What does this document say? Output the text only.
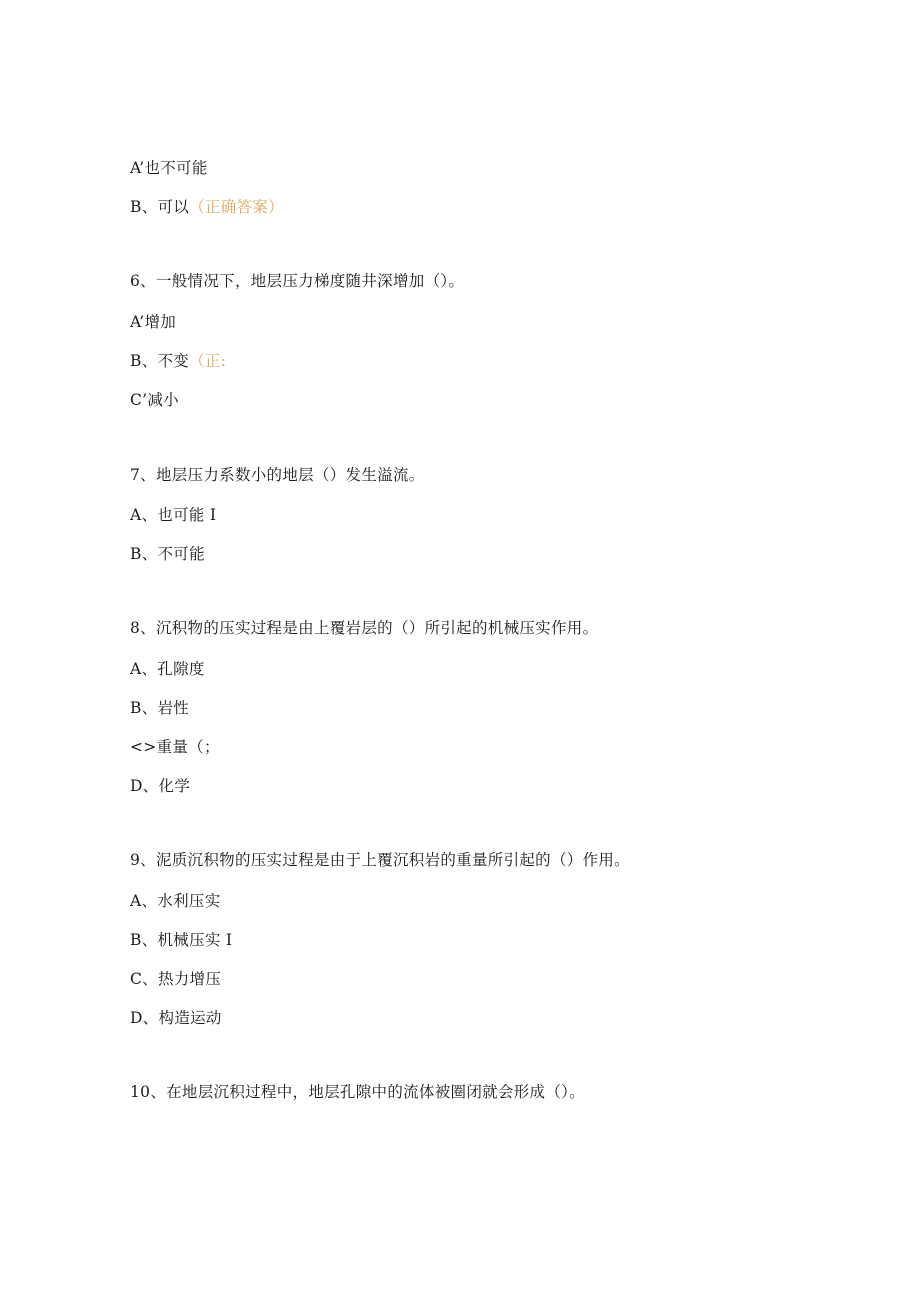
A’也不可能
B、可以（正确答案）
6、一般情况下，地层压力梯度随井深增加（）。
A’增加
B、不变（正:
C’减小
7、地层压力系数小的地层（）发生溢流。
A、也可能 I
B、不可能
8、沉积物的压实过程是由上覆岩层的（）所引起的机械压实作用。
A、孔隙度
B、岩性
<>重量（；
D、化学
9、泥质沉积物的压实过程是由于上覆沉积岩的重量所引起的（）作用。
A、水利压实
B、机械压实 I
C、热力增压
D、构造运动
10、在地层沉积过程中，地层孔隙中的流体被圈闭就会形成（）。
